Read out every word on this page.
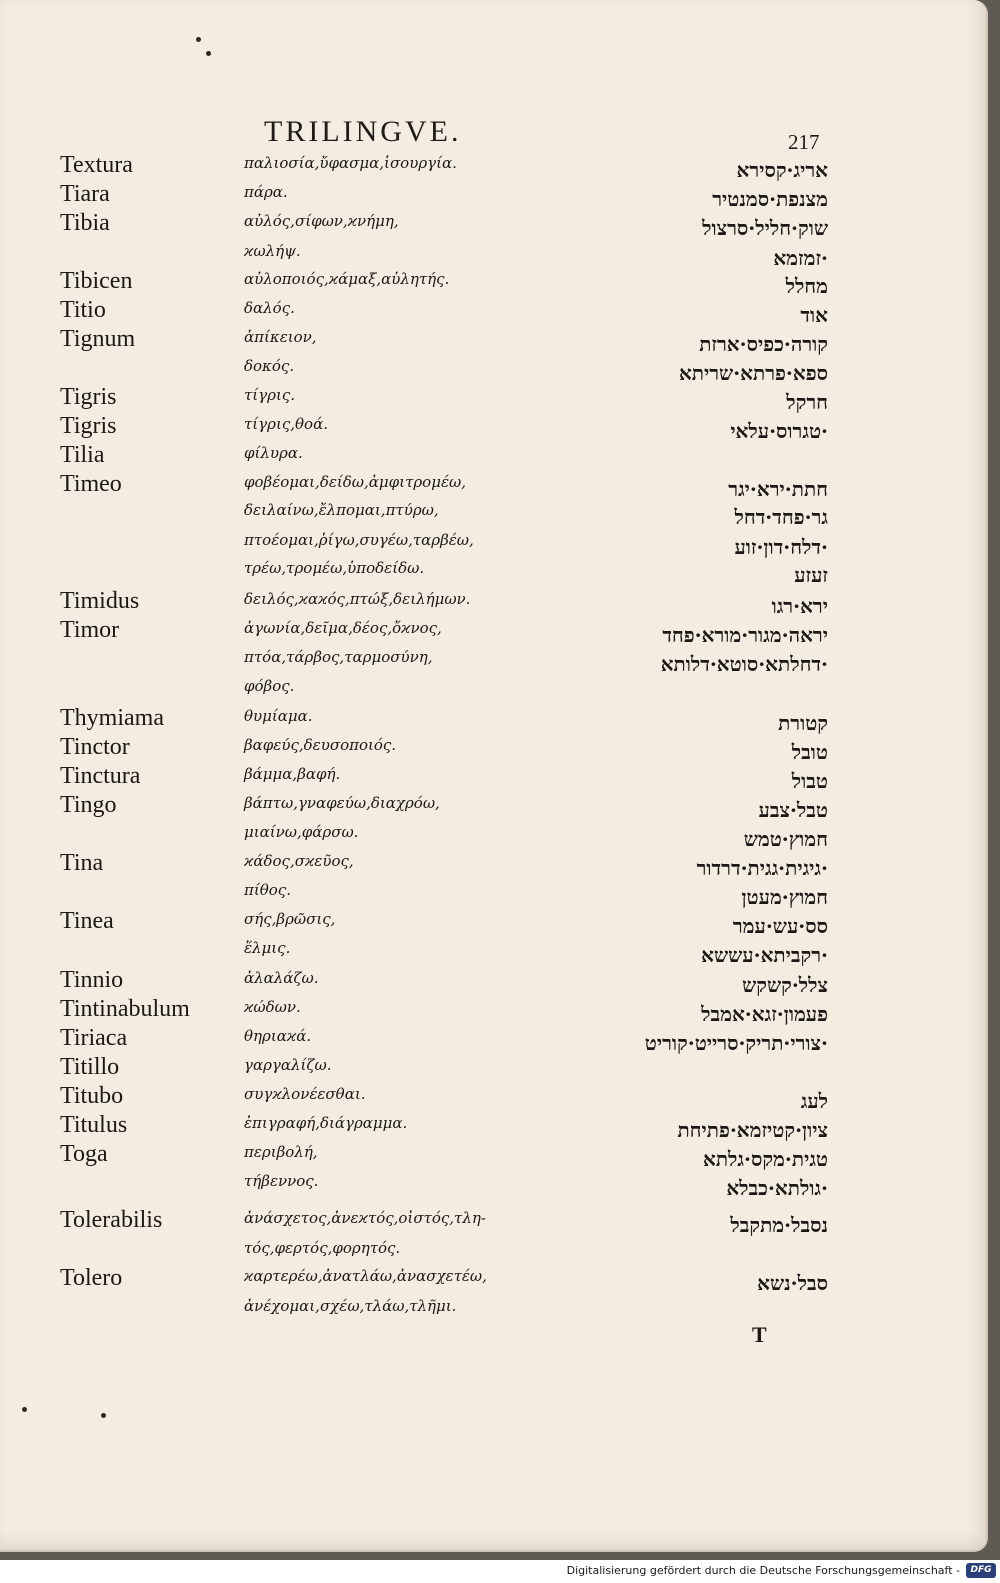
TRILINGVE.	217
Textura	παλιοσία,ὔφασμα,ἱσουργία.	אריג·קסירא
Tiara	πάρα.	מצנפת·סמנטיר
Tibia	αὐλός,σίφων,ϰνήμη,	שוק·חליל·סרצול
ϰωλήψ.	·זמזמא
Tibicen	αὐλοποιός,ϰάμαξ,αὐλητής.	מחלל
Titio	δαλός.	אוד
Tignum	ἀπίκειον,	קורה·כפיס·ארזת
δοκός.	ספא·פרתא·שריתא
Tigris	τίγρις.	חרקל
Tigris	τίγρις,θοά.	·טגרוס·עלאי
Tilia	φίλυρα.
Timeo	φοβέομαι,δείδω,ἀμφιτρομέω,	חתת·ירא·יגר
δειλαίνω,ἔλπομαι,πτύρω,	גר·פחד·דחל
πτοέομαι,ῥίγω,συγέω,ταρβέω,	·דלח·דון·זוע
τρέω,τρομέω,ὑποδείδω.	זעזע
Timidus	δειλός,ϰαϰός,πτώξ,δειλήμων.	ירא·רגו
Timor	ἀγωνία,δεῖμα,δέος,ὄϰνος,	יראה·מגור·מורא·פחד
πτόα,τάρβος,ταρμοσύνη,	·דחלתא·סוטא·דלותא
φόβος.
Thymiama	θυμίαμα.	קטורת
Tinctor	βαφεύς,δευσοποιός.	טובל
Tinctura	βάμμα,βαφή.	טבול
Tingo	βάπτω,γναφεύω,διαχρόω,	טבל·צבע
μιαίνω,φάρσω.	חמוץ·טמש
Tina	ϰάδος,σϰεῦος,	·גיגית·גגית·דרדור
πίθος.	חמוץ·מעטן
Tinea	σής,βρῶσις,	סס·עש·עמר
ἕλμις.	·רקביתא·עששא
Tinnio	ἀλαλάζω.	צלל·קשקש
Tintinabulum	ϰώδων.	פעמון·זגא·אמבל
Tiriaca	θηριαϰά.	·צורי·תריק·סרייט·קוריט
Titillo	γαργαλίζω.
Titubo	συγϰλονέεσθαι.	לעג
Titulus	ἐπιγραφή,διάγραμμα.	ציון·קטיזמא·פתיחת
Toga	περιβολή,	טגית·מקס·גלתא
τήβεννος.	·גולתא·כבלא
Tolerabilis	ἀνάσχετος,ἀνεϰτός,οἰστός,τλη-	נסבל·מתקבל
τός,φερτός,φορητός.
Tolero	ϰαρτερέω,ἀνατλάω,ἀνασχετέω,	סבל·נשא
ἀνέχομαι,σχέω,τλάω,τλῆμι.
T
Digitalisierung gefördert durch die Deutsche Forschungsgemeinschaft -	DFG
